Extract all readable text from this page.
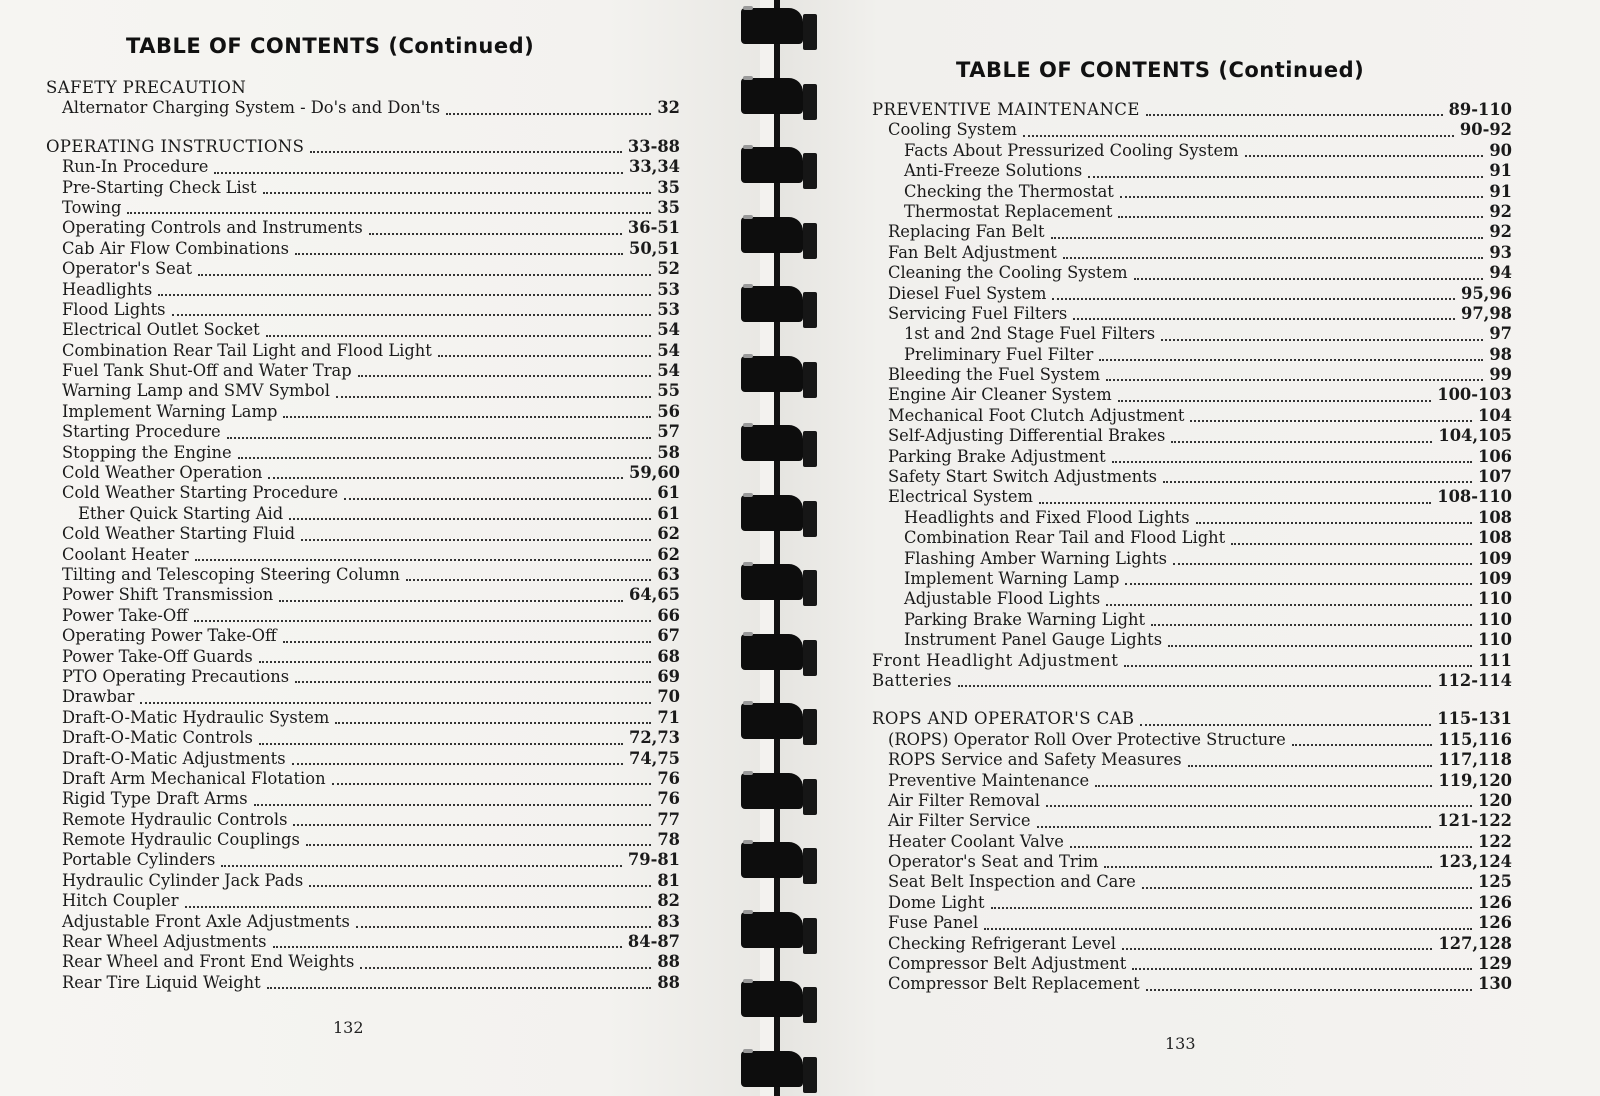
TABLE OF CONTENTS (Continued)
SAFETY PRECAUTION
Alternator Charging System - Do's and Don'ts	32
OPERATING INSTRUCTIONS	33-88
Run-In Procedure	33,34
Pre-Starting Check List	35
Towing	35
Operating Controls and Instruments	36-51
Cab Air Flow Combinations	50,51
Operator's Seat	52
Headlights	53
Flood Lights	53
Electrical Outlet Socket	54
Combination Rear Tail Light and Flood Light	54
Fuel Tank Shut-Off and Water Trap	54
Warning Lamp and SMV Symbol	55
Implement Warning Lamp	56
Starting Procedure	57
Stopping the Engine	58
Cold Weather Operation	59,60
Cold Weather Starting Procedure	61
Ether Quick Starting Aid	61
Cold Weather Starting Fluid	62
Coolant Heater	62
Tilting and Telescoping Steering Column	63
Power Shift Transmission	64,65
Power Take-Off	66
Operating Power Take-Off	67
Power Take-Off Guards	68
PTO Operating Precautions	69
Drawbar	70
Draft-O-Matic Hydraulic System	71
Draft-O-Matic Controls	72,73
Draft-O-Matic Adjustments	74,75
Draft Arm Mechanical Flotation	76
Rigid Type Draft Arms	76
Remote Hydraulic Controls	77
Remote Hydraulic Couplings	78
Portable Cylinders	79-81
Hydraulic Cylinder Jack Pads	81
Hitch Coupler	82
Adjustable Front Axle Adjustments	83
Rear Wheel Adjustments	84-87
Rear Wheel and Front End Weights	88
Rear Tire Liquid Weight	88
132
TABLE OF CONTENTS (Continued)
PREVENTIVE MAINTENANCE	89-110
Cooling System	90-92
Facts About Pressurized Cooling System	90
Anti-Freeze Solutions	91
Checking the Thermostat	91
Thermostat Replacement	92
Replacing Fan Belt	92
Fan Belt Adjustment	93
Cleaning the Cooling System	94
Diesel Fuel System	95,96
Servicing Fuel Filters	97,98
1st and 2nd Stage Fuel Filters	97
Preliminary Fuel Filter	98
Bleeding the Fuel System	99
Engine Air Cleaner System	100-103
Mechanical Foot Clutch Adjustment	104
Self-Adjusting Differential Brakes	104,105
Parking Brake Adjustment	106
Safety Start Switch Adjustments	107
Electrical System	108-110
Headlights and Fixed Flood Lights	108
Combination Rear Tail and Flood Light	108
Flashing Amber Warning Lights	109
Implement Warning Lamp	109
Adjustable Flood Lights	110
Parking Brake Warning Light	110
Instrument Panel Gauge Lights	110
Front Headlight Adjustment	111
Batteries	112-114
ROPS AND OPERATOR'S CAB	115-131
(ROPS) Operator Roll Over Protective Structure	115,116
ROPS Service and Safety Measures	117,118
Preventive Maintenance	119,120
Air Filter Removal	120
Air Filter Service	121-122
Heater Coolant Valve	122
Operator's Seat and Trim	123,124
Seat Belt Inspection and Care	125
Dome Light	126
Fuse Panel	126
Checking Refrigerant Level	127,128
Compressor Belt Adjustment	129
Compressor Belt Replacement	130
133
